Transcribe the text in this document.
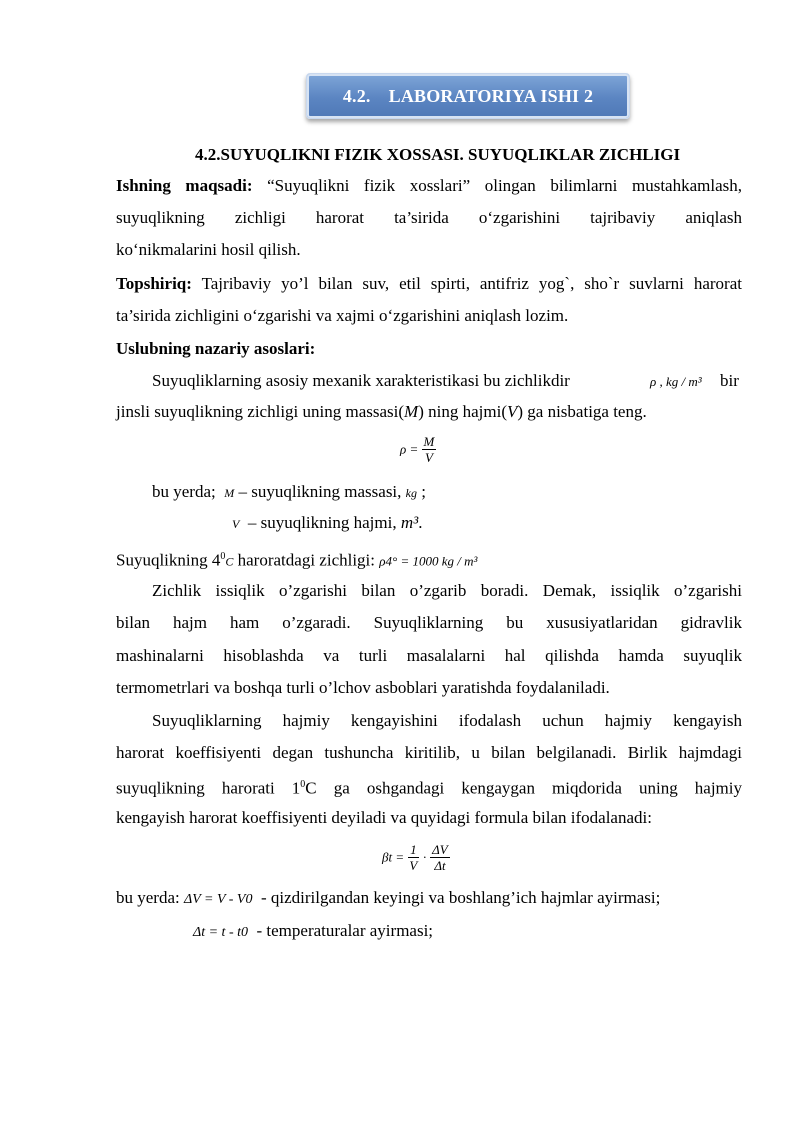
4.2. LABORATORIYA ISHI 2
4.2.SUYUQLIKNI FIZIK XOSSASI. SUYUQLIKLAR ZICHLIGI
Ishning maqsadi: “Suyuqlikni fizik xosslari” olingan bilimlarni mustahkamlash,
suyuqlikning zichligi harorat ta’sirida o‘zgarishini tajribaviy aniqlash
ko‘nikmalarini hosil qilish.
Topshiriq: Tajribaviy yo’l bilan suv, etil spirti, antifriz yog`, sho`r suvlarni harorat
ta’sirida zichligini o‘zgarishi va xajmi o‘zgarishini aniqlash lozim.
Uslubning nazariy asoslari:
Suyuqliklarning asosiy mexanik xarakteristikasi bu zichlikdir	ρ , kg / m³ bir
jinsli suyuqlikning zichligi uning massasi(M) ning hajmi(V) ga nisbatiga teng.
$\rho = \frac{M}{V}$
bu yerda; M – suyuqlikning massasi, kg ;
V – suyuqlikning hajmi, m³.
Suyuqlikning $4^0C$ haroratdagi zichligi: ρ4° = 1000 kg / m³
Zichlik issiqlik o’zgarishi bilan o’zgarib boradi. Demak, issiqlik o’zgarishi
bilan hajm ham o’zgaradi. Suyuqliklarning bu xususiyatlaridan gidravlik
mashinalarni hisoblashda va turli masalalarni hal qilishda hamda suyuqlik
termometrlari va boshqa turli o’lchov asboblari yaratishda foydalaniladi.
Suyuqliklarning hajmiy kengayishini ifodalash uchun hajmiy kengayish
harorat koeffisiyenti degan tushuncha kiritilib, u bilan belgilanadi. Birlik hajmdagi
suyuqlikning harorati $1^0C$ ga oshgandagi kengaygan miqdorida uning hajmiy
kengayish harorat koeffisiyenti deyiladi va quyidagi formula bilan ifodalanadi:
$\beta t = \frac{1}{V} \cdot \frac{\Delta V}{\Delta t}$
bu yerda: ΔV = V - V0 - qizdirilgandan keyingi va boshlang’ich hajmlar ayirmasi;
Δt = t - t0 - temperaturalar ayirmasi;
